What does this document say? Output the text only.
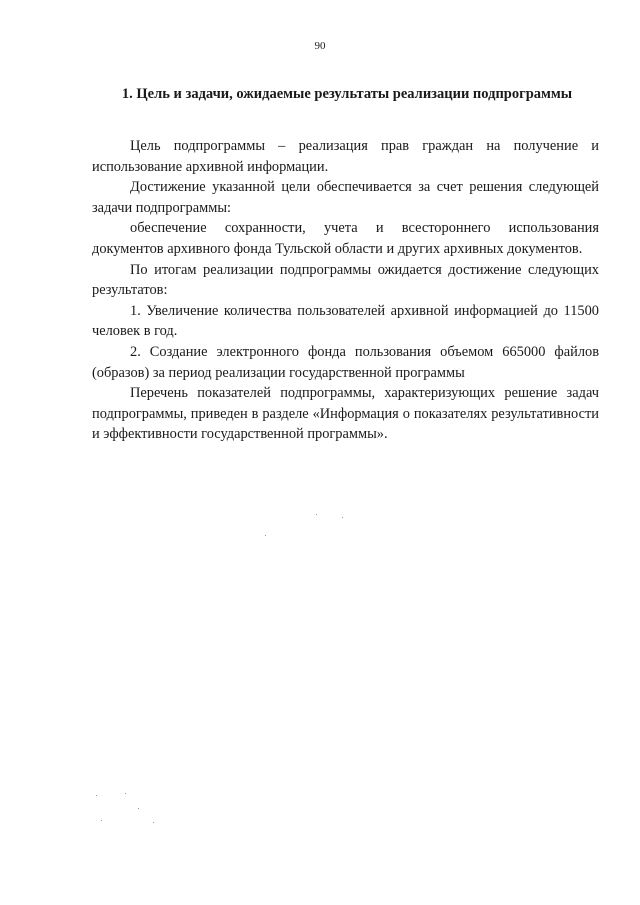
90
1. Цель и задачи, ожидаемые результаты реализации подпрограммы

Цель подпрограммы – реализация прав граждан на получение и использование архивной информации.

Достижение указанной цели обеспечивается за счет решения следующей задачи подпрограммы:

обеспечение сохранности, учета и всестороннего использования документов архивного фонда Тульской области и других архивных документов.

По итогам реализации подпрограммы ожидается достижение следующих результатов:

1. Увеличение количества пользователей архивной информацией до 11500 человек в год.

2. Создание электронного фонда пользования объемом 665000 файлов (образов) за период реализации государственной программы

Перечень показателей подпрограммы, характеризующих решение задач подпрограммы, приведен в разделе «Информация о показателях результативности и эффективности государственной программы».
